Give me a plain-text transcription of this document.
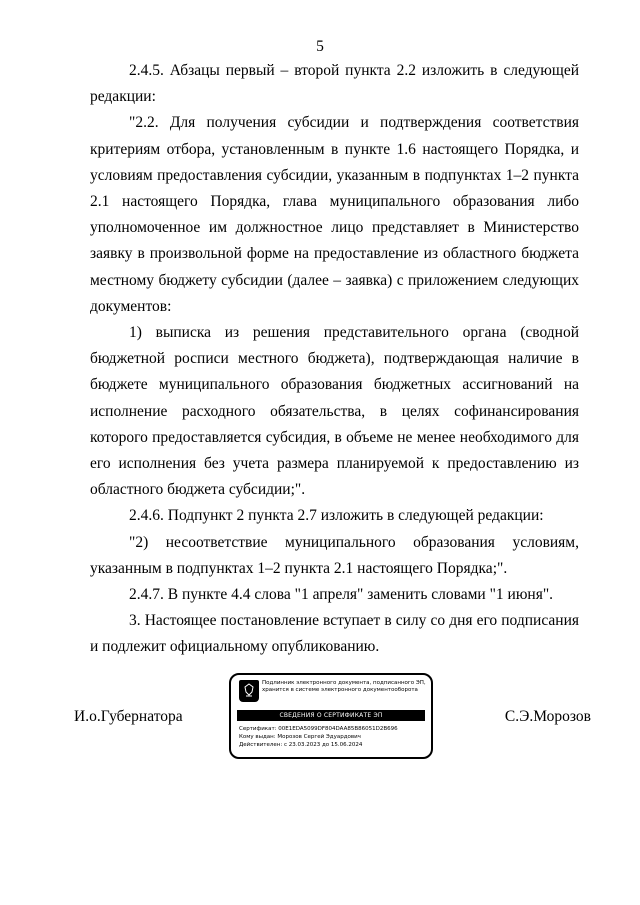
5

2.4.5. Абзацы первый – второй пункта 2.2 изложить в следующей редакции:

"2.2. Для получения субсидии и подтверждения соответствия критериям отбора, установленным в пункте 1.6 настоящего Порядка, и условиям предоставления субсидии, указанным в подпунктах 1–2 пункта 2.1 настоящего Порядка, глава муниципального образования либо уполномоченное им должностное лицо представляет в Министерство заявку в произвольной форме на предоставление из областного бюджета местному бюджету субсидии (далее – заявка) с приложением следующих документов:

1) выписка из решения представительного органа (сводной бюджетной росписи местного бюджета), подтверждающая наличие в бюджете муниципального образования бюджетных ассигнований на исполнение расходного обязательства, в целях софинансирования которого предоставляется субсидия, в объеме не менее необходимого для его исполнения без учета размера планируемой к предоставлению из областного бюджета субсидии;".

2.4.6. Подпункт 2 пункта 2.7 изложить в следующей редакции:

"2) несоответствие муниципального образования условиям, указанным в подпунктах 1–2 пункта 2.1 настоящего Порядка;".

2.4.7. В пункте 4.4 слова "1 апреля" заменить словами "1 июня".

3. Настоящее постановление вступает в силу со дня его подписания и подлежит официальному опубликованию.

И.о.Губернатора	С.Э.Морозов
Подлинник электронного документа, подписанного ЭП, хранится в системе электронного документооборота
СВЕДЕНИЯ О СЕРТИФИКАТЕ ЭП
Сертификат: 00E1EDA5099DF804DAA85B86051D2B696
Кому выдан: Морозов Сергей Эдуардович
Действителен: с 23.03.2023 до 15.06.2024
